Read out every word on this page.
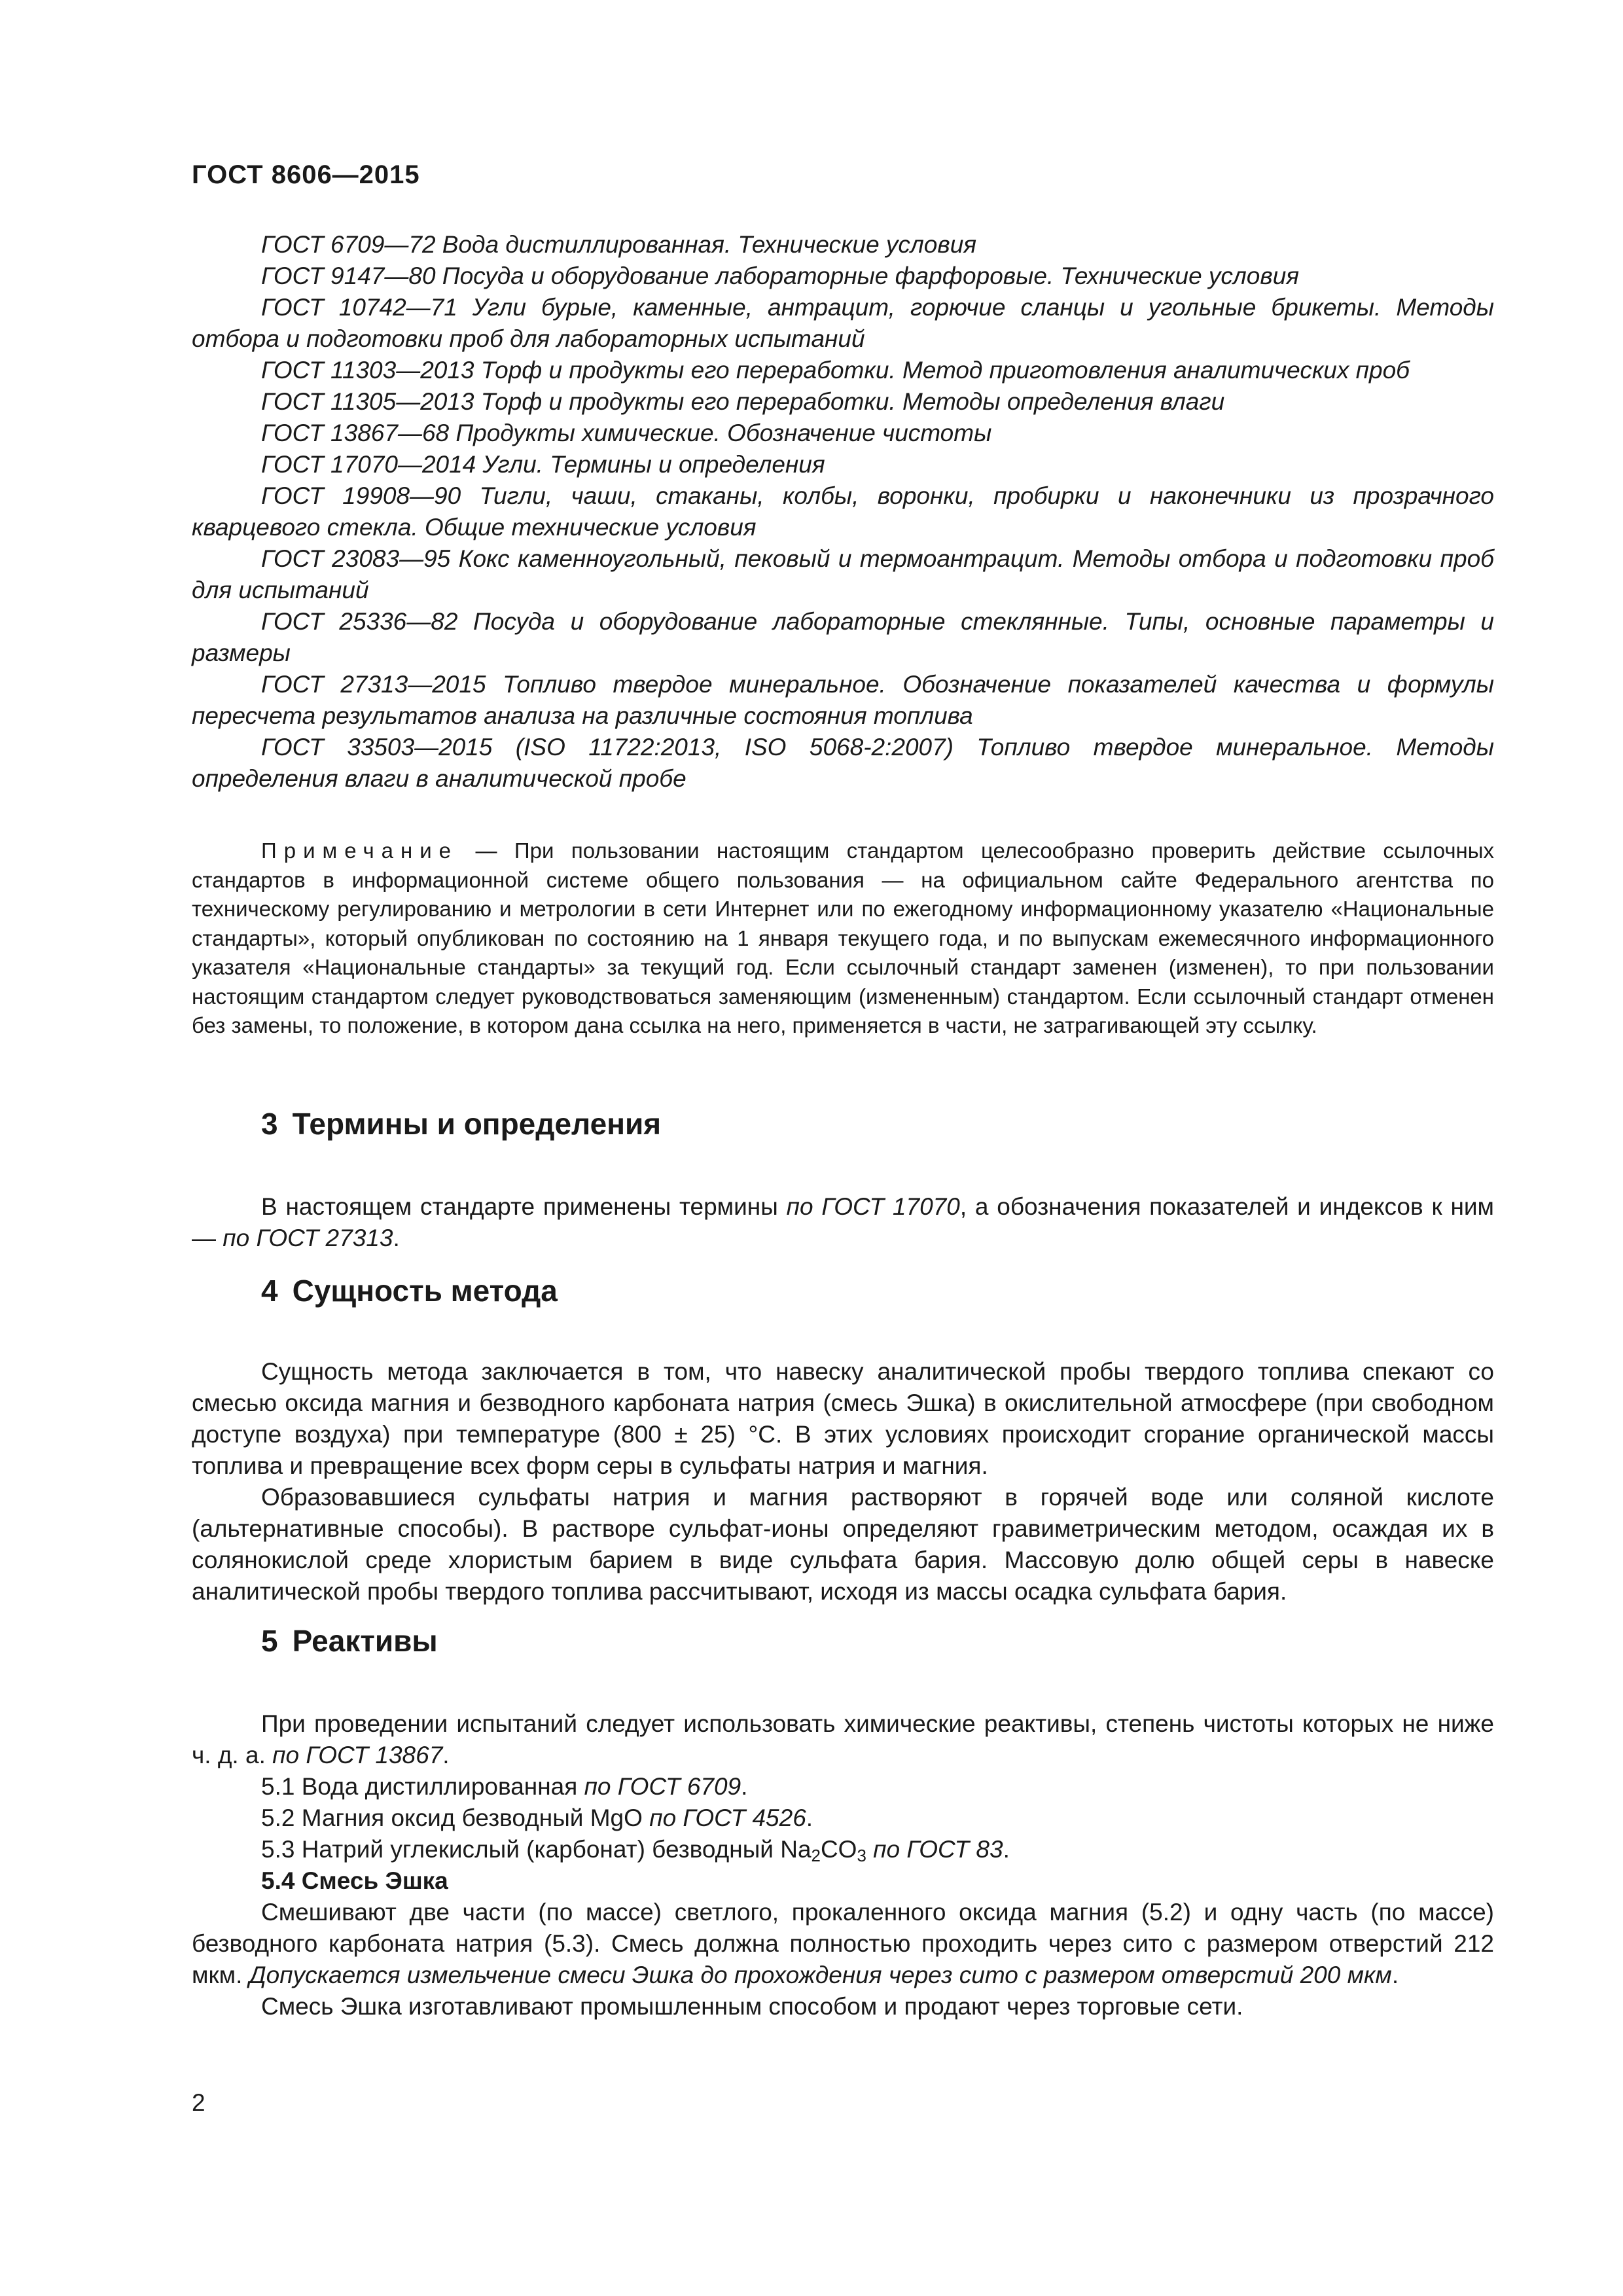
ГОСТ 8606—2015

ГОСТ 6709—72 Вода дистиллированная. Технические условия

ГОСТ 9147—80 Посуда и оборудование лабораторные фарфоровые. Технические условия

ГОСТ 10742—71 Угли бурые, каменные, антрацит, горючие сланцы и угольные брикеты. Методы отбора и подготовки проб для лабораторных испытаний

ГОСТ 11303—2013 Торф и продукты его переработки. Метод приготовления аналитических проб

ГОСТ 11305—2013 Торф и продукты его переработки. Методы определения влаги

ГОСТ 13867—68 Продукты химические. Обозначение чистоты

ГОСТ 17070—2014 Угли. Термины и определения

ГОСТ 19908—90 Тигли, чаши, стаканы, колбы, воронки, пробирки и наконечники из прозрачного кварцевого стекла. Общие технические условия

ГОСТ 23083—95 Кокс каменноугольный, пековый и термоантрацит. Методы отбора и подготовки проб для испытаний

ГОСТ 25336—82 Посуда и оборудование лабораторные стеклянные. Типы, основные параметры и размеры

ГОСТ 27313—2015 Топливо твердое минеральное. Обозначение показателей качества и формулы пересчета результатов анализа на различные состояния топлива

ГОСТ 33503—2015 (ISO 11722:2013, ISO 5068-2:2007) Топливо твердое минеральное. Методы определения влаги в аналитической пробе

Примечание — При пользовании настоящим стандартом целесообразно проверить действие ссылочных стандартов в информационной системе общего пользования — на официальном сайте Федерального агентства по техническому регулированию и метрологии в сети Интернет или по ежегодному информационному указателю «Национальные стандарты», который опубликован по состоянию на 1 января текущего года, и по выпускам ежемесячного информационного указателя «Национальные стандарты» за текущий год. Если ссылочный стандарт заменен (изменен), то при пользовании настоящим стандартом следует руководствоваться заменяющим (измененным) стандартом. Если ссылочный стандарт отменен без замены, то положение, в котором дана ссылка на него, применяется в части, не затрагивающей эту ссылку.

3 Термины и определения

В настоящем стандарте применены термины по ГОСТ 17070, а обозначения показателей и индексов к ним — по ГОСТ 27313.

4 Сущность метода

Сущность метода заключается в том, что навеску аналитической пробы твердого топлива спекают со смесью оксида магния и безводного карбоната натрия (смесь Эшка) в окислительной атмосфере (при свободном доступе воздуха) при температуре (800 ± 25) °С. В этих условиях происходит сгорание органической массы топлива и превращение всех форм серы в сульфаты натрия и магния.

Образовавшиеся сульфаты натрия и магния растворяют в горячей воде или соляной кислоте (альтернативные способы). В растворе сульфат-ионы определяют гравиметрическим методом, осаждая их в солянокислой среде хлористым барием в виде сульфата бария. Массовую долю общей серы в навеске аналитической пробы твердого топлива рассчитывают, исходя из массы осадка сульфата бария.

5 Реактивы

При проведении испытаний следует использовать химические реактивы, степень чистоты которых не ниже ч. д. а. по ГОСТ 13867.

5.1 Вода дистиллированная по ГОСТ 6709.

5.2 Магния оксид безводный MgO по ГОСТ 4526.

5.3 Натрий углекислый (карбонат) безводный $Na_2CO_3$ по ГОСТ 83.

5.4 Смесь Эшка

Смешивают две части (по массе) светлого, прокаленного оксида магния (5.2) и одну часть (по массе) безводного карбоната натрия (5.3). Смесь должна полностью проходить через сито с размером отверстий 212 мкм. Допускается измельчение смеси Эшка до прохождения через сито с размером отверстий 200 мкм.

Смесь Эшка изготавливают промышленным способом и продают через торговые сети.

2
